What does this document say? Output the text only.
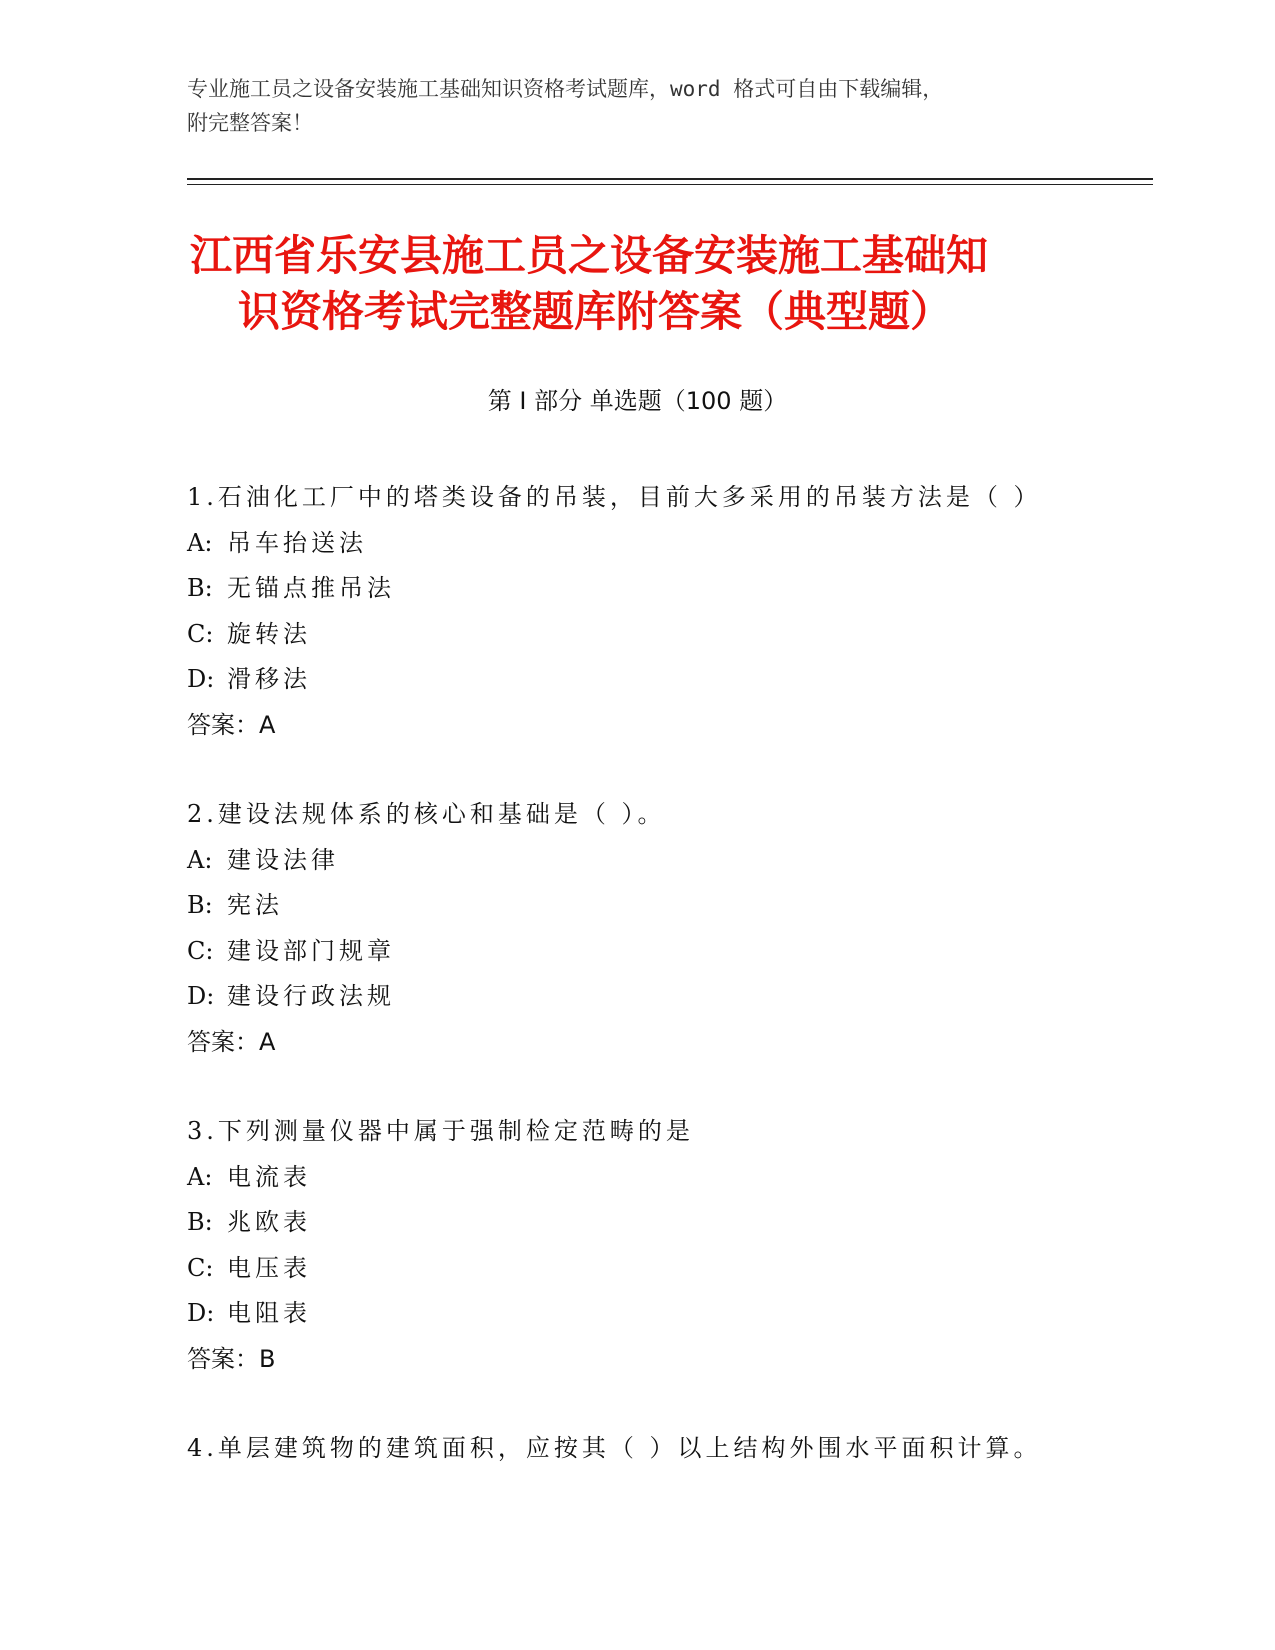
专业施工员之设备安装施工基础知识资格考试题库，word 格式可自由下载编辑，
附完整答案！
江西省乐安县施工员之设备安装施工基础知
识资格考试完整题库附答案（典型题）
第 I 部分 单选题（100 题）
1.石油化工厂中的塔类设备的吊装，目前大多采用的吊装方法是（ ）
A: 吊车抬送法
B: 无锚点推吊法
C: 旋转法
D: 滑移法
答案：A
2.建设法规体系的核心和基础是（ ）。
A: 建设法律
B: 宪法
C: 建设部门规章
D: 建设行政法规
答案：A
3.下列测量仪器中属于强制检定范畴的是
A: 电流表
B: 兆欧表
C: 电压表
D: 电阻表
答案：B
4.单层建筑物的建筑面积，应按其（ ）以上结构外围水平面积计算。
